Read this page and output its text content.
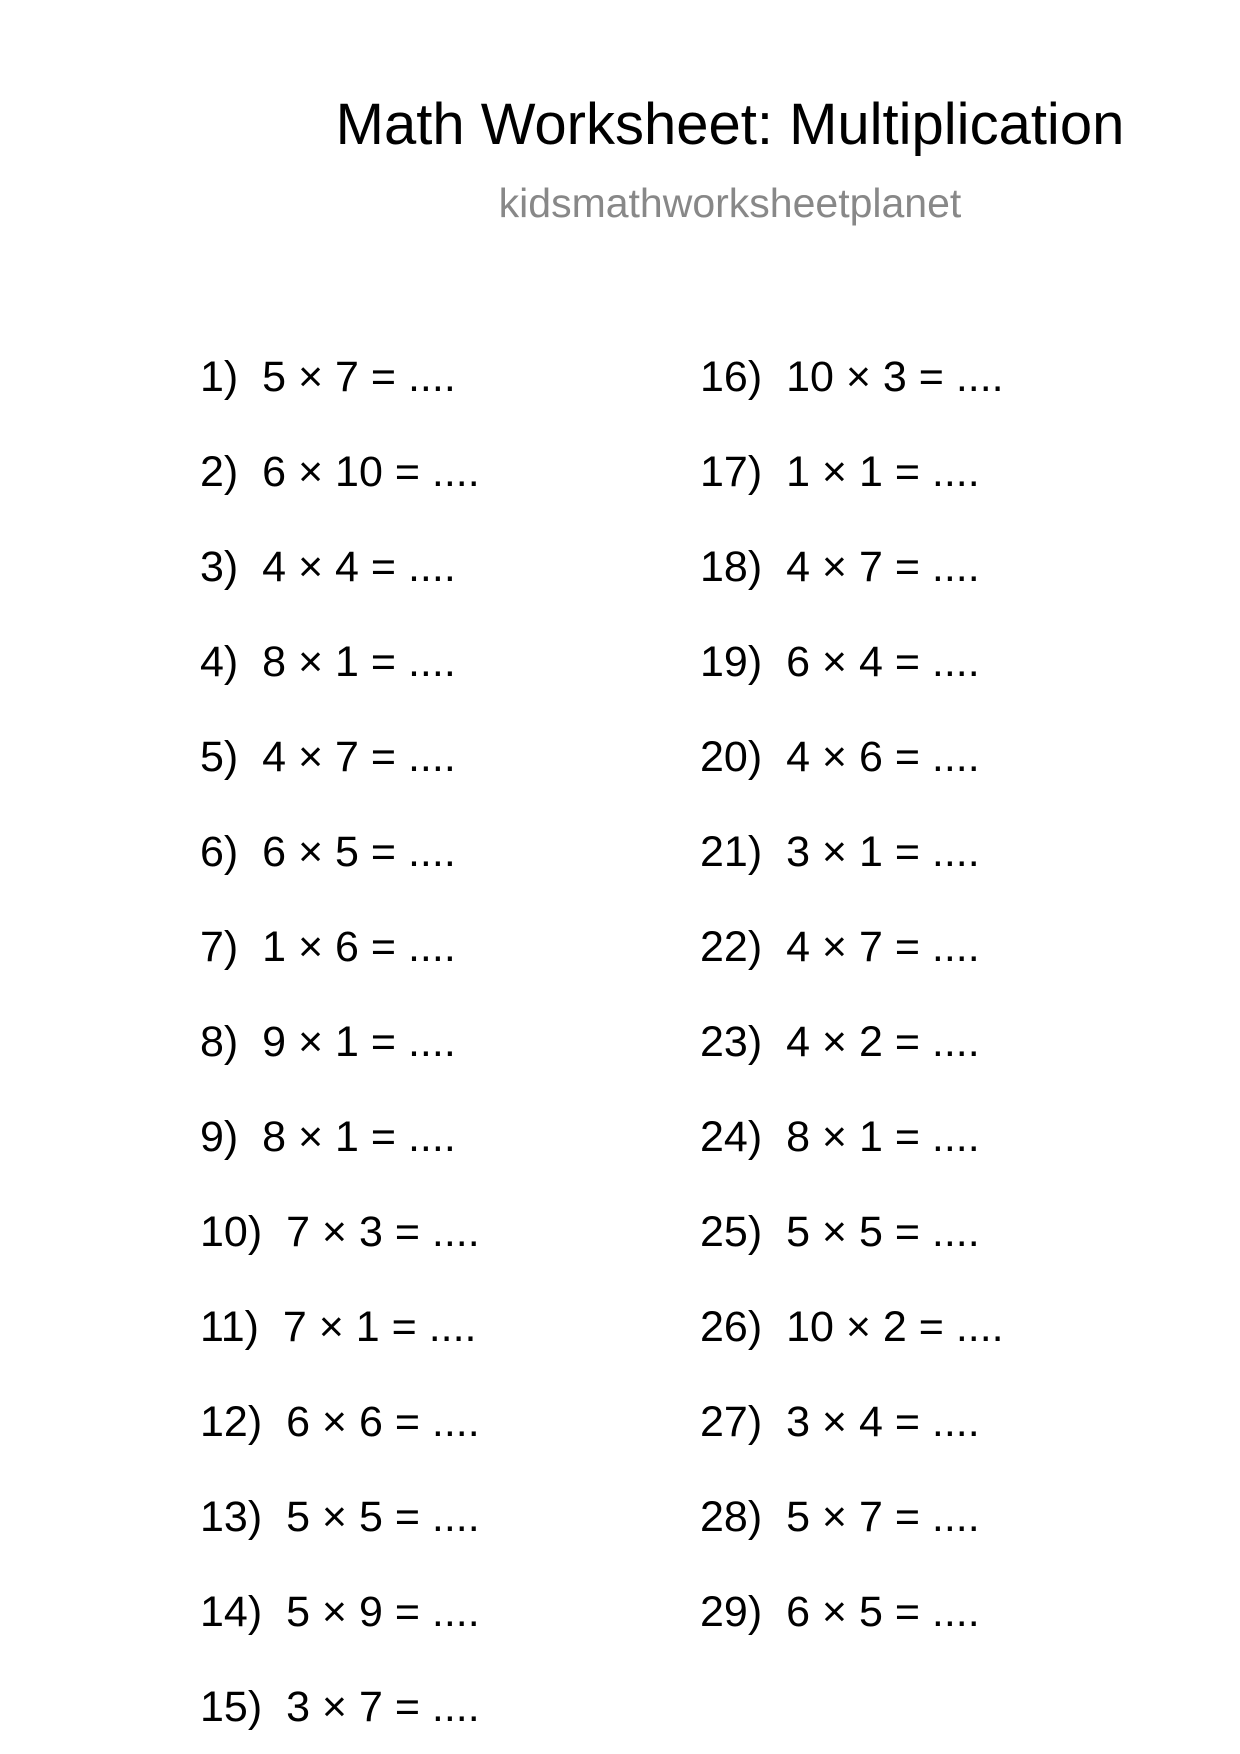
Math Worksheet: Multiplication
kidsmathworksheetplanet
1) 5 × 7 = ....
2) 6 × 10 = ....
3) 4 × 4 = ....
4) 8 × 1 = ....
5) 4 × 7 = ....
6) 6 × 5 = ....
7) 1 × 6 = ....
8) 9 × 1 = ....
9) 8 × 1 = ....
10) 7 × 3 = ....
11) 7 × 1 = ....
12) 6 × 6 = ....
13) 5 × 5 = ....
14) 5 × 9 = ....
15) 3 × 7 = ....
16) 10 × 3 = ....
17) 1 × 1 = ....
18) 4 × 7 = ....
19) 6 × 4 = ....
20) 4 × 6 = ....
21) 3 × 1 = ....
22) 4 × 7 = ....
23) 4 × 2 = ....
24) 8 × 1 = ....
25) 5 × 5 = ....
26) 10 × 2 = ....
27) 3 × 4 = ....
28) 5 × 7 = ....
29) 6 × 5 = ....
